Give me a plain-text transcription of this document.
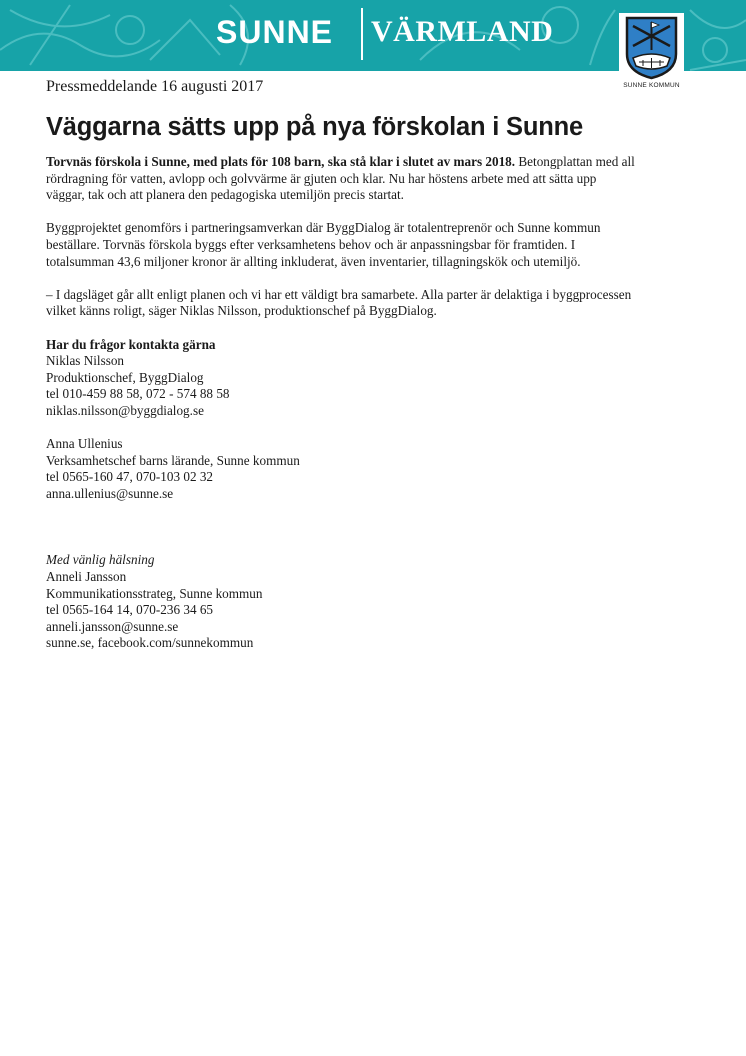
SUNNE VÄRMLAND
SUNNE KOMMUN

Pressmeddelande 16 augusti 2017

Väggarna sätts upp på nya förskolan i Sunne

Torvnäs förskola i Sunne, med plats för 108 barn, ska stå klar i slutet av mars 2018. Betongplattan med all rördragning för vatten, avlopp och golvvärme är gjuten och klar. Nu har höstens arbete med att sätta upp väggar, tak och att planera den pedagogiska utemiljön precis startat.

Byggprojektet genomförs i partneringsamverkan där ByggDialog är totalentreprenör och Sunne kommun beställare. Torvnäs förskola byggs efter verksamhetens behov och är anpassningsbar för framtiden. I totalsumman 43,6 miljoner kronor är allting inkluderat, även inventarier, tillagningskök och utemiljö.

– I dagsläget går allt enligt planen och vi har ett väldigt bra samarbete. Alla parter är delaktiga i byggprocessen vilket känns roligt, säger Niklas Nilsson, produktionschef på ByggDialog.

Har du frågor kontakta gärna
Niklas Nilsson
Produktionschef, ByggDialog
tel 010-459 88 58, 072 - 574 88 58
niklas.nilsson@byggdialog.se
Anna Ullenius
Verksamhetschef barns lärande, Sunne kommun
tel 0565-160 47, 070-103 02 32
anna.ullenius@sunne.se
Med vänlig hälsning
Anneli Jansson
Kommunikationsstrateg, Sunne kommun
tel 0565-164 14, 070-236 34 65
anneli.jansson@sunne.se
sunne.se, facebook.com/sunnekommun
